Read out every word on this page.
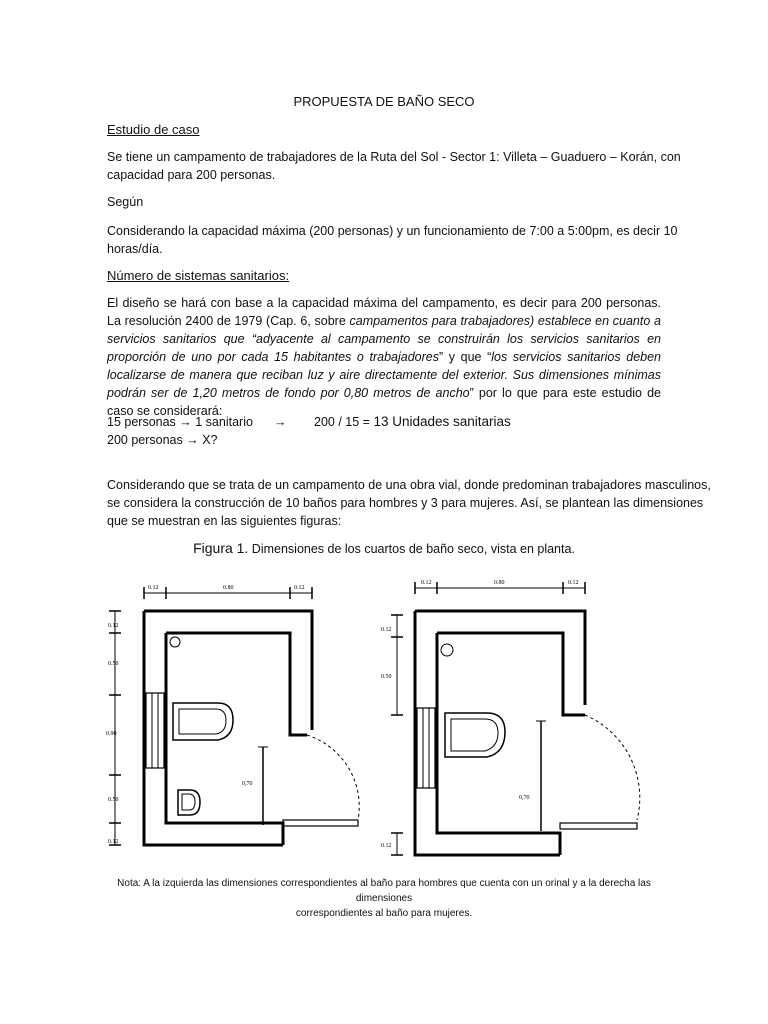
PROPUESTA DE BAÑO SECO
Estudio de caso
Se tiene un campamento de trabajadores de la Ruta del Sol - Sector 1: Villeta – Guaduero – Korán, con
capacidad para 200 personas.
Según
Considerando la capacidad máxima (200 personas) y un funcionamiento de 7:00 a 5:00pm, es decir 10
horas/día.
Número de sistemas sanitarios:
El diseño se hará con base a la capacidad máxima del campamento, es decir para 200 personas. La resolución 2400 de 1979 (Cap. 6, sobre campamentos para trabajadores) establece en cuanto a servicios sanitarios que “adyacente al campamento se construirán los servicios sanitarios en proporción de uno por cada 15 habitantes o trabajadores” y que “los servicios sanitarios deben localizarse de manera que reciban luz y aire directamente del exterior. Sus dimensiones mínimas podrán ser de 1,20 metros de fondo por 0,80 metros de ancho” por lo que para este estudio de caso se considerará:
15 personas → 1 sanitario → 200 / 15 = 13 Unidades sanitarias
200 personas → X?
Considerando que se trata de un campamento de una obra vial, donde predominan trabajadores masculinos,
se considera la construcción de 10 baños para hombres y 3 para mujeres. Así, se plantean las dimensiones
que se muestran en las siguientes figuras:
Figura 1. Dimensiones de los cuartos de baño seco, vista en planta.
0.12	0.80	0.12
0.12
0.50
0.90
0.50
0.12
0,70
0.12	0.80	0.12
0.12
0.50
0.12
0,70
Nota: A la izquierda las dimensiones correspondientes al baño para hombres que cuenta con un orinal y a la derecha las dimensiones
correspondientes al baño para mujeres.
